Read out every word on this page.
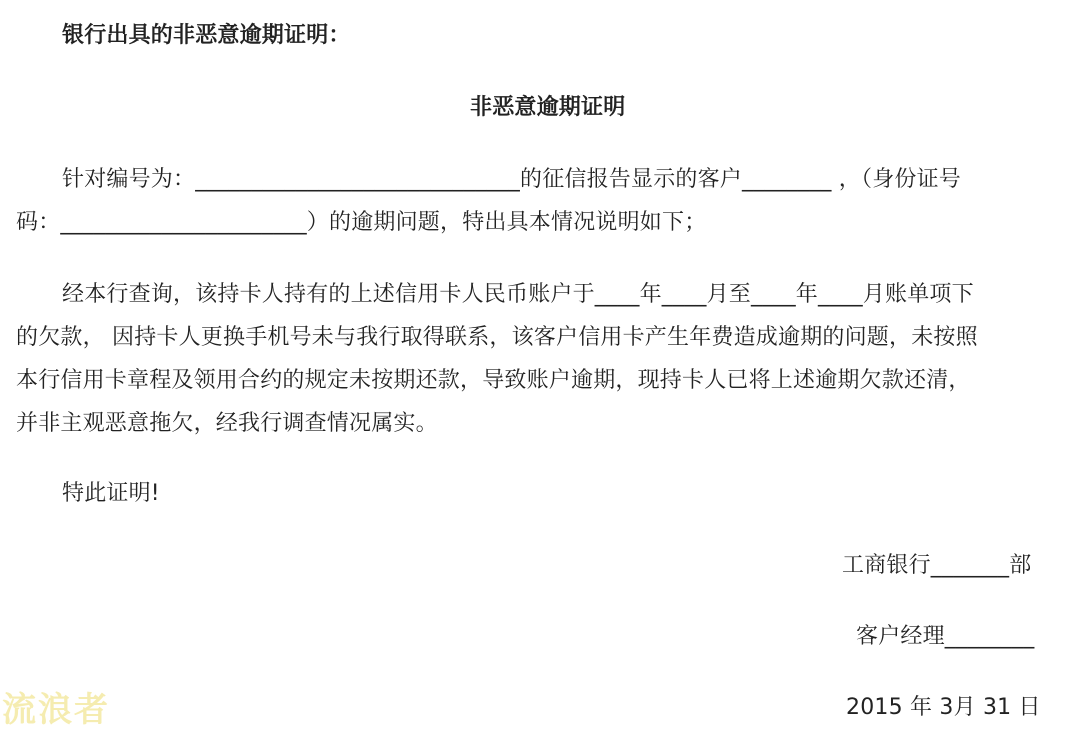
银行出具的非恶意逾期证明：
非恶意逾期证明
针对编号为：_____________________________的征信报告显示的客户________ ，（身份证号
码：______________________）的逾期问题，特出具本情况说明如下；
经本行查询，该持卡人持有的上述信用卡人民币账户于____年____月至____年____月账单项下
的欠款， 因持卡人更换手机号未与我行取得联系，该客户信用卡产生年费造成逾期的问题，未按照
本行信用卡章程及领用合约的规定未按期还款，导致账户逾期，现持卡人已将上述逾期欠款还清，
并非主观恶意拖欠，经我行调查情况属实。
特此证明!
工商银行_______部
客户经理________
2015 年 3月 31 日
流浪者
